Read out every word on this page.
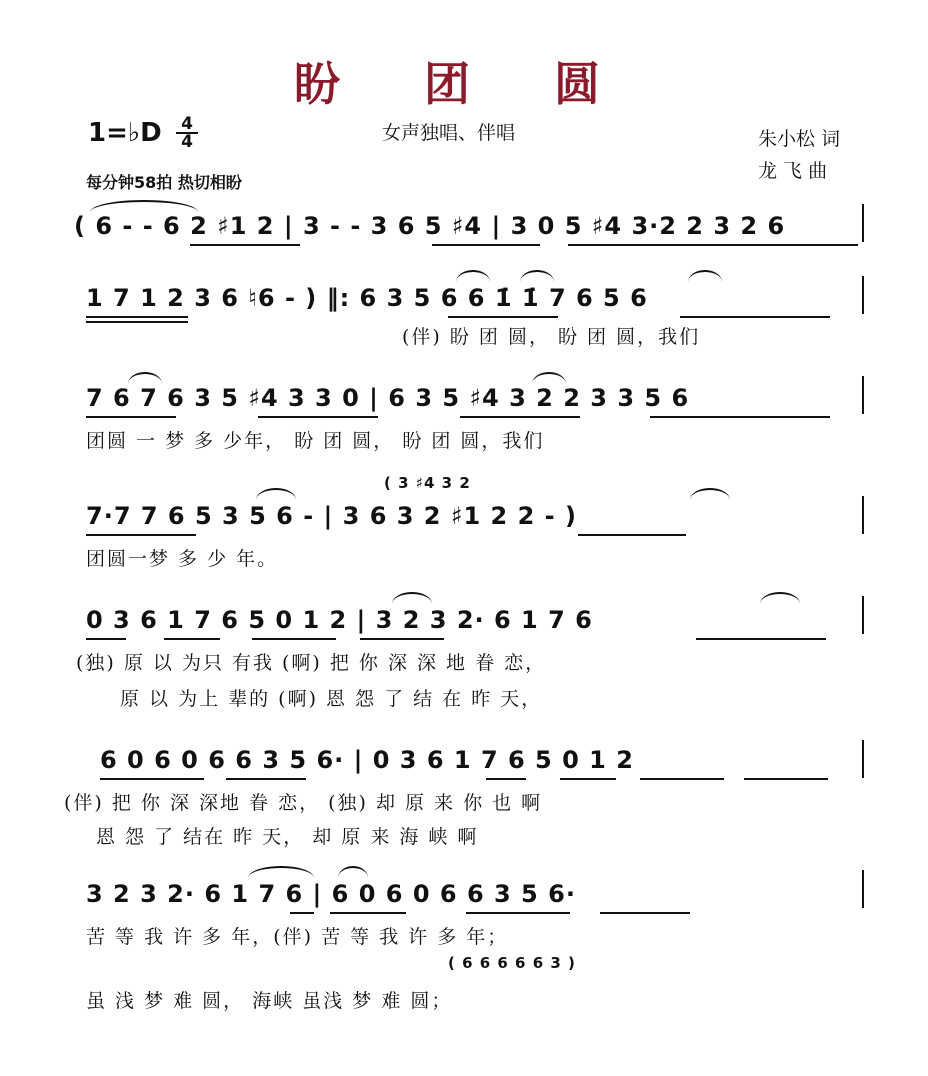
盼 团 圆
1=♭D 4
4	女声独唱、伴唱	朱小松 词
龙 飞 曲
每分钟58拍 热切相盼
( 6 - - 6 2 ♯1 2 | 3 - - 3 6 5 ♯4 | 3 0 5 ♯4 3·2 2 3 2 6
1 7 1 2 3 6 ♮6 - ) ‖: 6 3 5 6 6 1̇ 1̇ 7 6 5 6
(伴) 盼 团 圆， 盼 团 圆，我们
7 6 7 6 3 5 ♯4 3 3 0 | 6 3 5 ♯4 3 2 2 3 3 5 6
团圆 一 梦 多 少年， 盼 团 圆， 盼 团 圆，我们
( 3 ♯4 3 2
7·7 7 6 5 3 5 6 - | 3 6 3 2 ♯1 2 2 - )
团圆一梦 多 少 年。
0 3 6 1 7 6 5 0 1 2 | 3 2 3 2· 6 1 7 6
(独) 原 以 为只 有我 (啊) 把 你 深 深 地 眷 恋，
原 以 为上 辈的 (啊) 恩 怨 了 结 在 昨 天，
6 0 6 0 6 6 3 5 6· | 0 3 6 1 7 6 5 0 1 2
(伴) 把 你 深 深地 眷 恋， (独) 却 原 来 你 也 啊
恩 怨 了 结在 昨 天， 却 原 来 海 峡 啊
3 2 3 2· 6 1 7 6 | 6 0 6 0 6 6 3 5 6·
苦 等 我 许 多 年，(伴) 苦 等 我 许 多 年；
( 6 6 6 6 6 3 )
虽 浅 梦 难 圆， 海峡 虽浅 梦 难 圆；
